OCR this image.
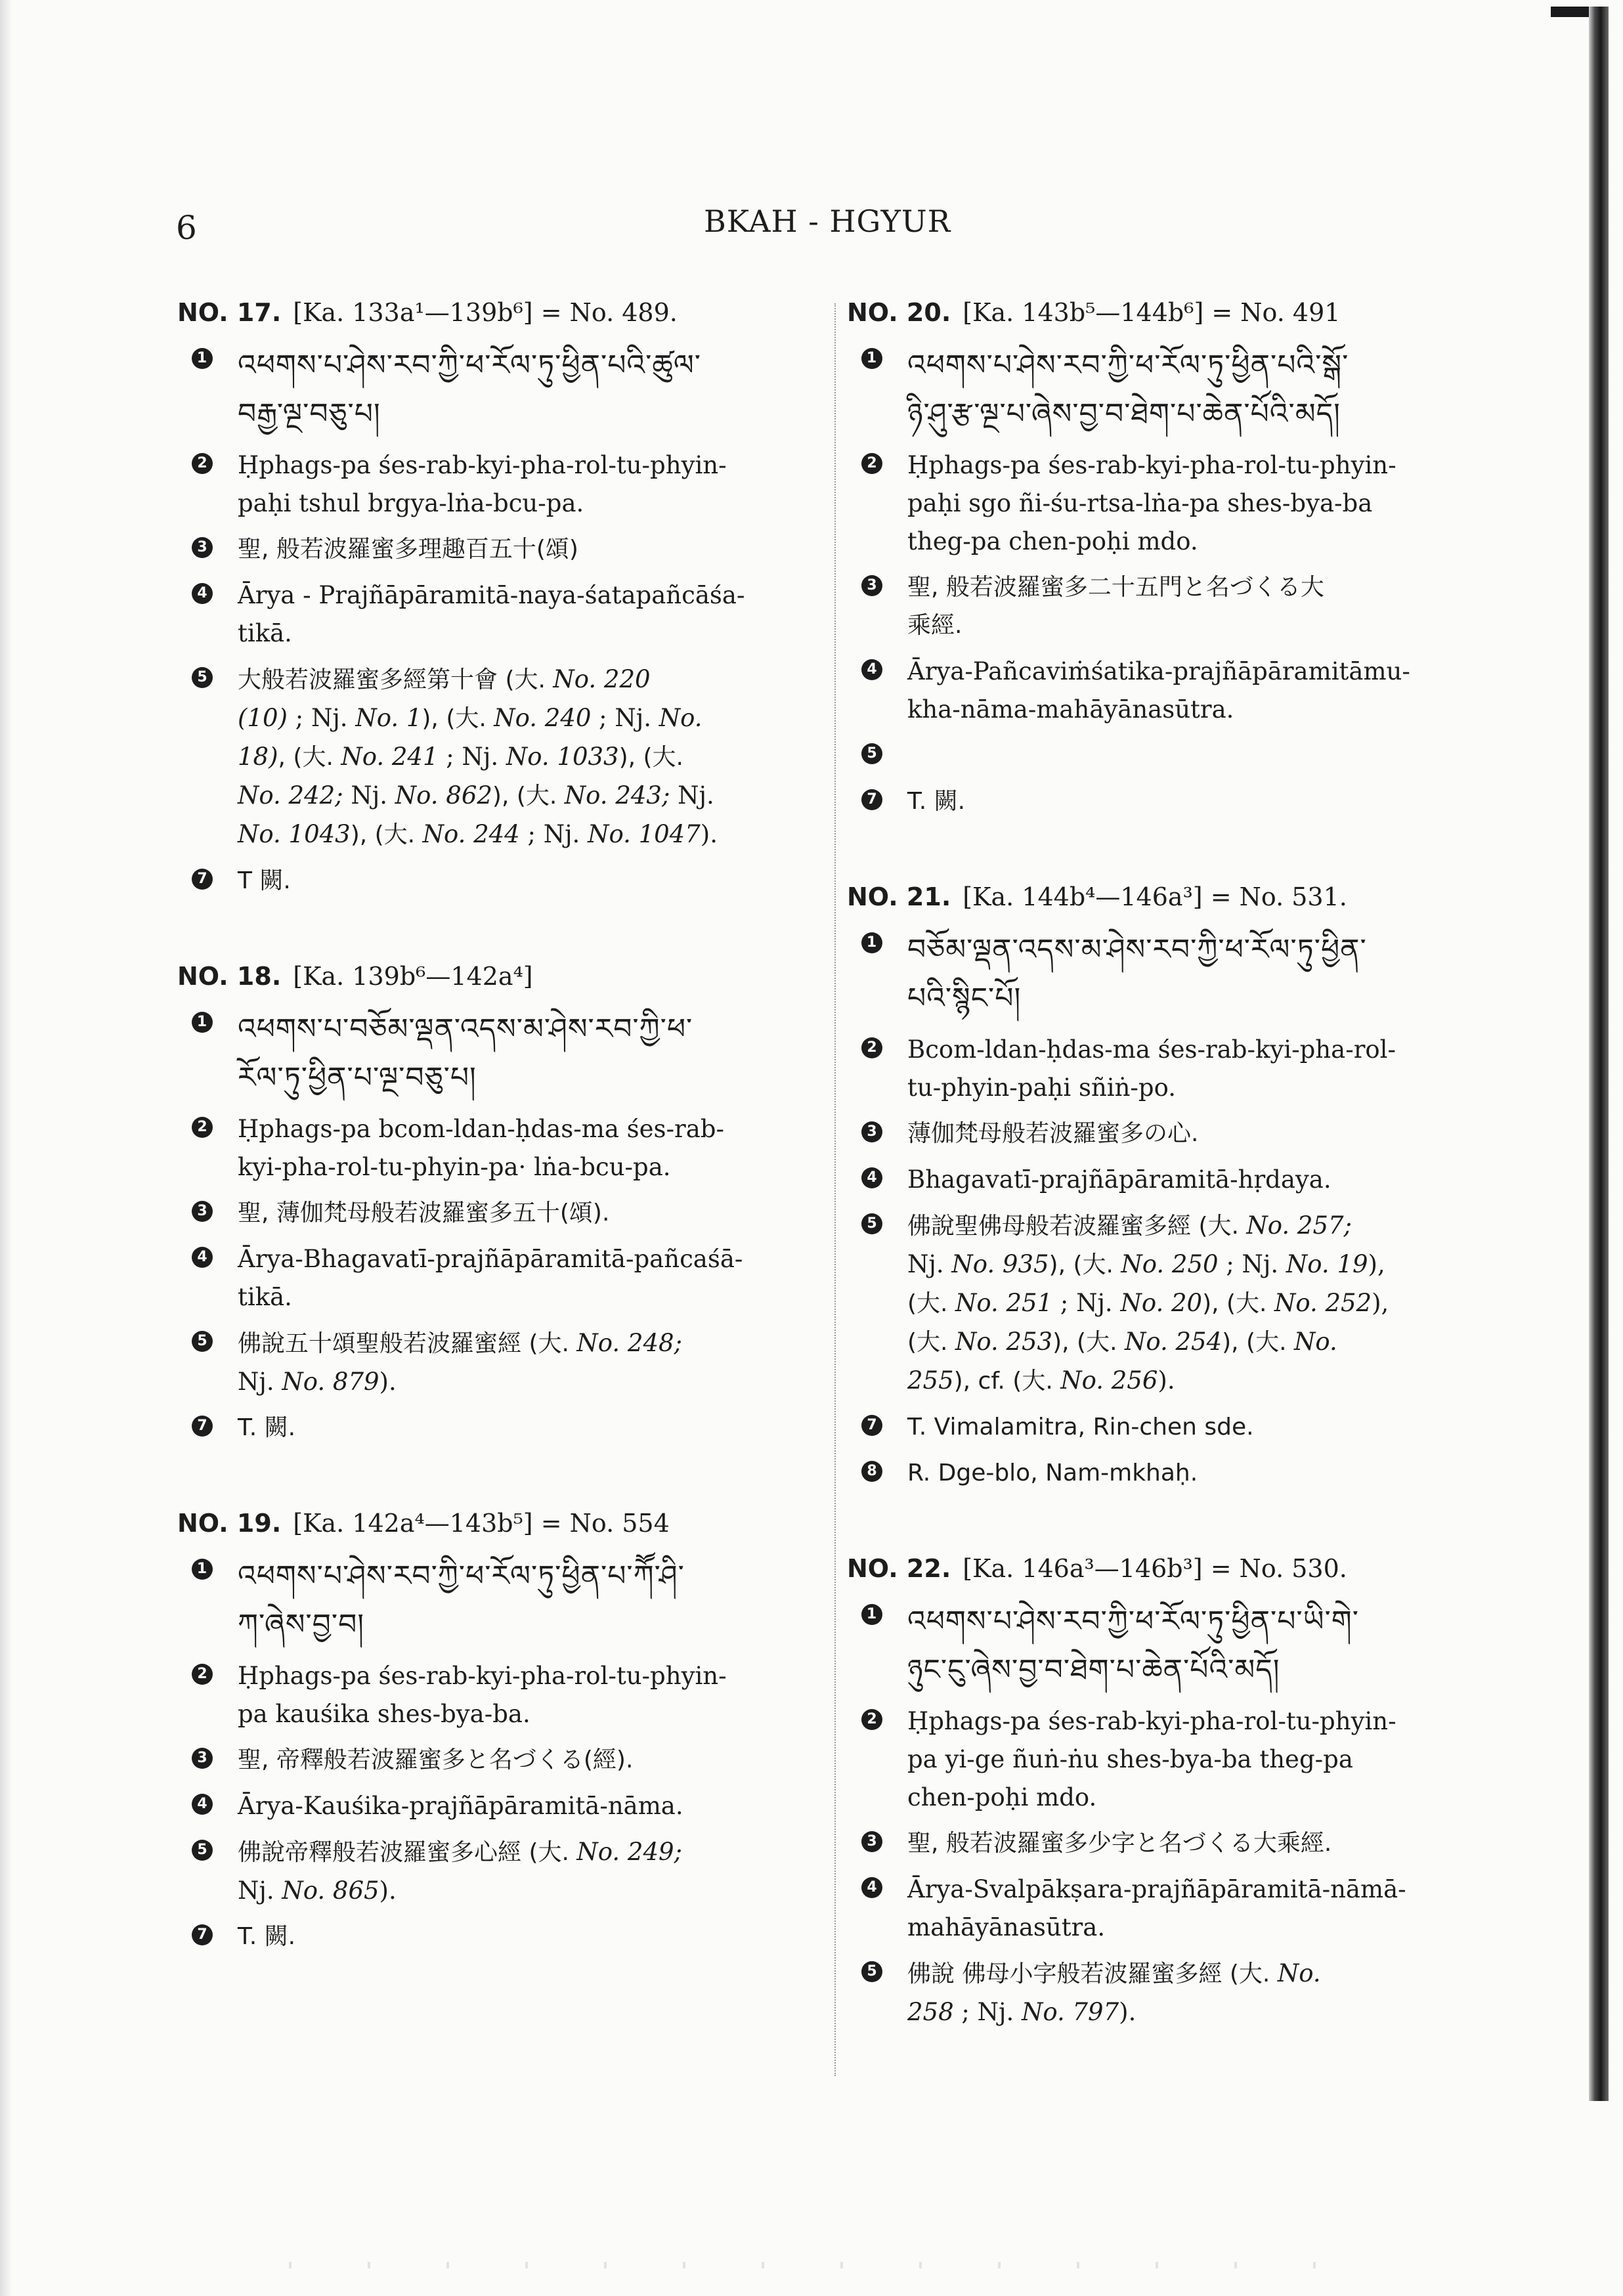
6	BKAH - HGYUR
NO. 17. [Ka. 133a¹—139b⁶] = No. 489.
1 འཕགས་པ་ཤེས་རབ་ཀྱི་ཕ་རོལ་ཏུ་ཕྱིན་པའི་ཚུལ་
བརྒྱ་ལྔ་བཅུ་པ།
2 Ḥphags-pa śes-rab-kyi-pha-rol-tu-phyin-
paḥi tshul brgya-lṅa-bcu-pa.
3 聖, 般若波羅蜜多理趣百五十(頌)
4 Ārya - Prajñāpāramitā-naya-śatapañcāśa-
tikā.
5 大般若波羅蜜多經第十會 (大. No. 220
(10) ; Nj. No. 1), (大. No. 240 ; Nj. No.
18), (大. No. 241 ; Nj. No. 1033), (大.
No. 242; Nj. No. 862), (大. No. 243; Nj.
No. 1043), (大. No. 244 ; Nj. No. 1047).
7 T 闕.
NO. 18. [Ka. 139b⁶—142a⁴]
1 འཕགས་པ་བཅོམ་ལྡན་འདས་མ་ཤེས་རབ་ཀྱི་ཕ་
རོལ་ཏུ་ཕྱིན་པ་ལྔ་བཅུ་པ།
2 Ḥphags-pa bcom-ldan-ḥdas-ma śes-rab-
kyi-pha-rol-tu-phyin-pa· lṅa-bcu-pa.
3 聖, 薄伽梵母般若波羅蜜多五十(頌).
4 Ārya-Bhagavatī-prajñāpāramitā-pañcaśā-
tikā.
5 佛說五十頌聖般若波羅蜜經 (大. No. 248;
Nj. No. 879).
7 T. 闕.
NO. 19. [Ka. 142a⁴—143b⁵] = No. 554
1 འཕགས་པ་ཤེས་རབ་ཀྱི་ཕ་རོལ་ཏུ་ཕྱིན་པ་ཀཽ་ཤི་
ཀ་ཞེས་བྱ་བ།
2 Ḥphags-pa śes-rab-kyi-pha-rol-tu-phyin-
pa kauśika shes-bya-ba.
3 聖, 帝釋般若波羅蜜多と名づくる(經).
4 Ārya-Kauśika-prajñāpāramitā-nāma.
5 佛說帝釋般若波羅蜜多心經 (大. No. 249;
Nj. No. 865).
7 T. 闕.
NO. 20. [Ka. 143b⁵—144b⁶] = No. 491
1 འཕགས་པ་ཤེས་རབ་ཀྱི་ཕ་རོལ་ཏུ་ཕྱིན་པའི་སྒོ་
ཉི་ཤུ་རྩ་ལྔ་པ་ཞེས་བྱ་བ་ཐེག་པ་ཆེན་པོའི་མདོ།
2 Ḥphags-pa śes-rab-kyi-pha-rol-tu-phyin-
paḥi sgo ñi-śu-rtsa-lṅa-pa shes-bya-ba
theg-pa chen-poḥi mdo.
3 聖, 般若波羅蜜多二十五門と名づくる大
乘經.
4 Ārya-Pañcaviṁśatika-prajñāpāramitāmu-
kha-nāma-mahāyānasūtra.
5
7 T. 闕.
NO. 21. [Ka. 144b⁴—146a³] = No. 531.
1 བཅོམ་ལྡན་འདས་མ་ཤེས་རབ་ཀྱི་ཕ་རོལ་ཏུ་ཕྱིན་
པའི་སྙིང་པོ།
2 Bcom-ldan-ḥdas-ma śes-rab-kyi-pha-rol-
tu-phyin-paḥi sñiṅ-po.
3 薄伽梵母般若波羅蜜多の心.
4 Bhagavatī-prajñāpāramitā-hṛdaya.
5 佛說聖佛母般若波羅蜜多經 (大. No. 257;
Nj. No. 935), (大. No. 250 ; Nj. No. 19),
(大. No. 251 ; Nj. No. 20), (大. No. 252),
(大. No. 253), (大. No. 254), (大. No.
255), cf. (大. No. 256).
7 T. Vimalamitra, Rin-chen sde.
8 R. Dge-blo, Nam-mkhaḥ.
NO. 22. [Ka. 146a³—146b³] = No. 530.
1 འཕགས་པ་ཤེས་རབ་ཀྱི་ཕ་རོལ་ཏུ་ཕྱིན་པ་ཡི་གེ་
ཉུང་ངུ་ཞེས་བྱ་བ་ཐེག་པ་ཆེན་པོའི་མདོ།
2 Ḥphags-pa śes-rab-kyi-pha-rol-tu-phyin-
pa yi-ge ñuṅ-ṅu shes-bya-ba theg-pa
chen-poḥi mdo.
3 聖, 般若波羅蜜多少字と名づくる大乘經.
4 Ārya-Svalpākṣara-prajñāpāramitā-nāmā-
mahāyānasūtra.
5 佛說 佛母小字般若波羅蜜多經 (大. No.
258 ; Nj. No. 797).
